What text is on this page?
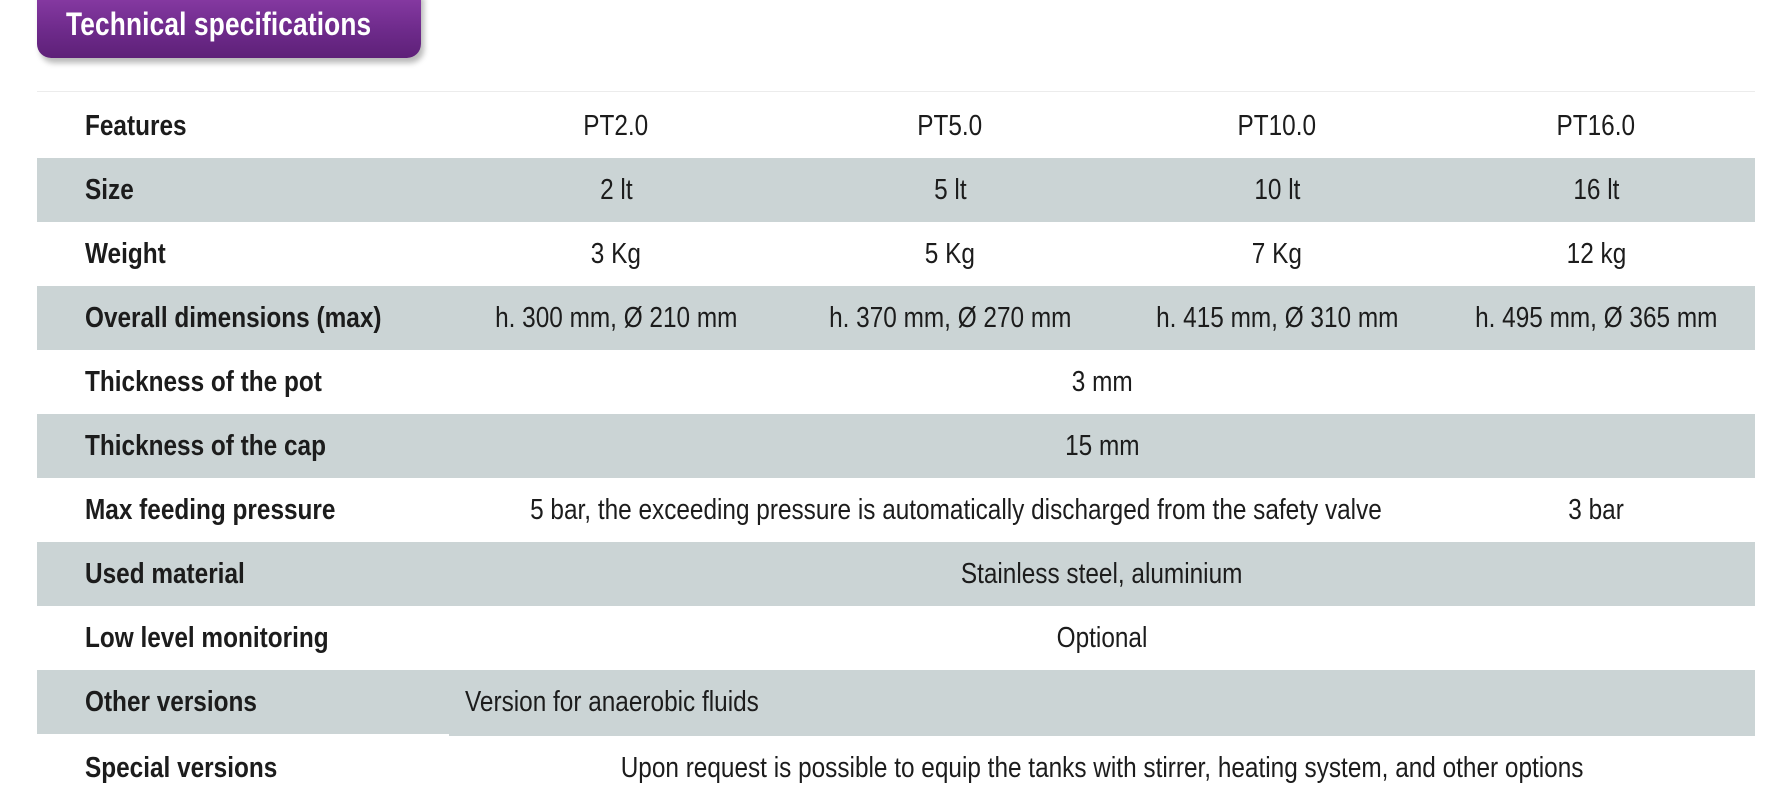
Technical specifications
Features	PT2.0	PT5.0	PT10.0	PT16.0
Size	2 lt	5 lt	10 lt	16 lt
Weight	3 Kg	5 Kg	7 Kg	12 kg
Overall dimensions (max)	h. 300 mm, Ø 210 mm	h. 370 mm, Ø 270 mm	h. 415 mm, Ø 310 mm	h. 495 mm, Ø 365 mm
Thickness of the pot	3 mm			
Thickness of the cap	15 mm			
Max feeding pressure	5 bar, the exceeding pressure is automatically discharged from the safety valve			3 bar
Used material	Stainless steel, aluminium			
Low level monitoring	Optional			
Other versions	Version for anaerobic fluids			
Special versions	Upon request is possible to equip the tanks with stirrer, heating system, and other options			
